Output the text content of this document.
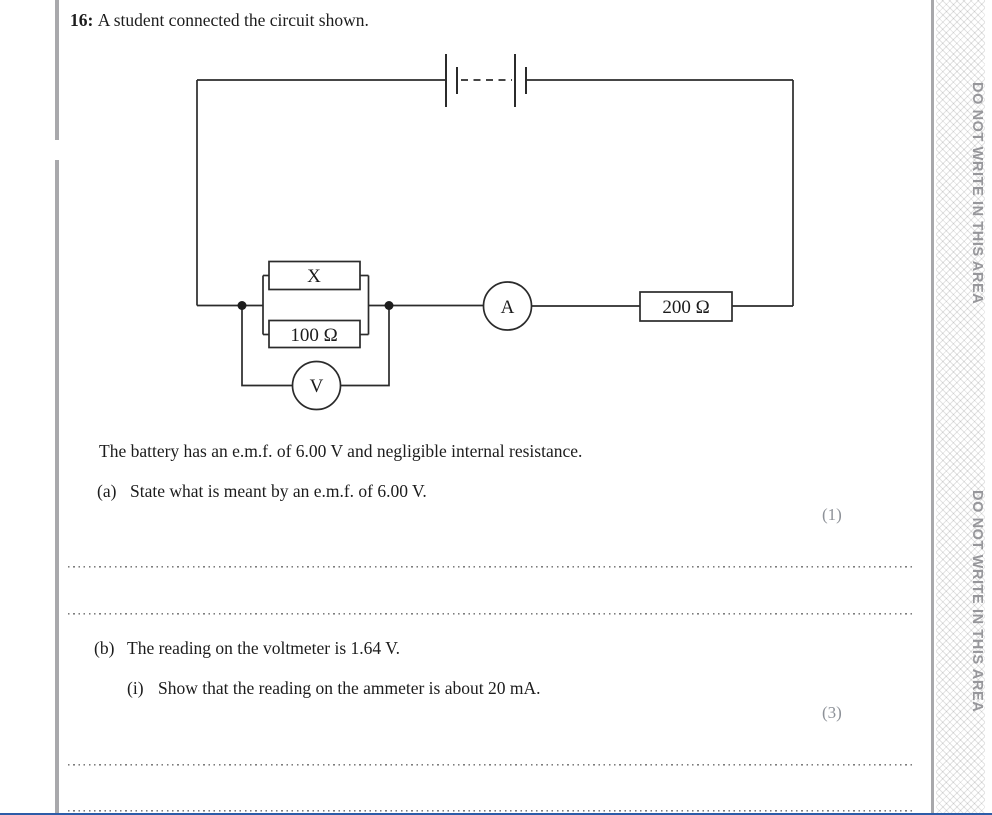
16: A student connected the circuit shown.
X
100 Ω
200 Ω
A
V
The battery has an e.m.f. of 6.00 V and negligible internal resistance.
(a) State what is meant by an e.m.f. of 6.00 V.
(1)
(b) The reading on the voltmeter is 1.64 V.
(i) Show that the reading on the ammeter is about 20 mA.
(3)
DO NOT WRITE IN THIS AREA
DO NOT WRITE IN THIS AREA
